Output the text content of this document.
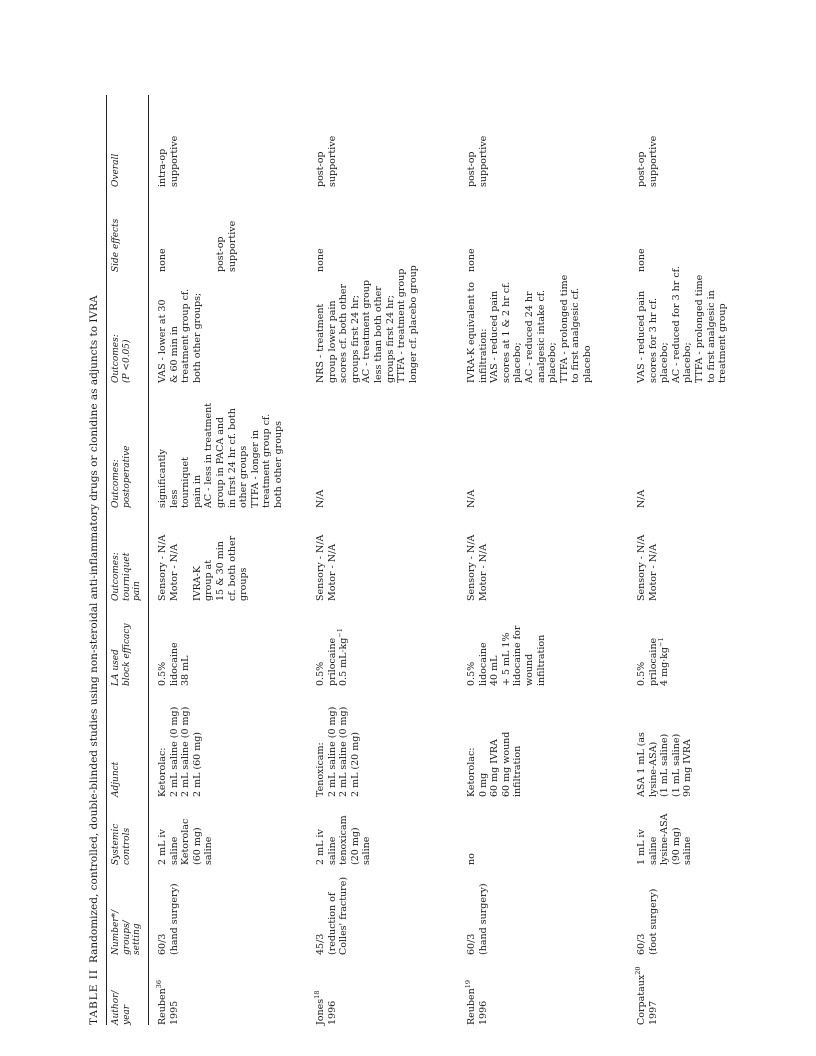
TABLE IIRandomized, controlled, double-blinded studies using non-steroidal anti-inflammatory drugs or clonidine as adjuncts to IVRA
Author/ year
Number*/ groups/ setting
Systemic controls
Adjunct
LA used block efficacy
Outcomes: tourniquet pain
Outcomes: postoperative
Outcomes: (P <0.05)
Side effects
Overall
Reuben$^{36}$
1995
60/3 (hand surgery)
2 mL iv saline Ketorolac (60 mg) saline
Ketorolac: 2 mL saline (0 mg) 2 mL saline (0 mg) 2 mL (60 mg)
0.5% lidocaine 38 mL
Sensory - N/A Motor - N/A
IVRA-K group at 15 & 30 min cf. both other groups
significantly less tourniquet pain in AC - less in treatment group in PACA and in first 24 hr cf. both other groups TTFA - longer in treatment group cf. both other groups
VAS - lower at 30 & 60 min in treatment group cf. both other groups;
none

	post-op supportive
intra-op supportive
Jones$^{18}$
1996
45/3 (reduction of Colles' fracture)
2 mL iv saline tenoxicam (20 mg) saline
Tenoxicam: 2 mL saline (0 mg) 2 mL saline (0 mg) 2 mL (20 mg)
0.5% prilocaine 0.5 $mL\cdot kg^{-1}$
Sensory - N/A Motor - N/A
N/A
NRS - treatment group lower pain scores cf. both other groups first 24 hr; AC - treatment group less than both other groups first 24 hr; TTFA - treatment group longer cf. placebo group
none
post-op supportive
Reuben$^{19}$
1996
60/3 (hand surgery)
no
Ketorolac: 0 mg 60 mg IVRA 60 mg wound infiltration
0.5% lidocaine 40 mL + 5 mL 1% lidocaine for wound infiltration
Sensory - N/A Motor - N/A
N/A
IVRA-K equivalent to infiltration: VAS - reduced pain scores at 1 & 2 hr cf. placebo; AC - reduced 24 hr analgesic intake cf. placebo; TTFA - prolonged time to first analgesic cf. placebo
none
post-op supportive
Corpataux$^{20}$
1997
60/3 (foot surgery)
1 mL iv saline lysine-ASA (90 mg) saline
ASA 1 mL (as lysine-ASA) (1 mL saline) (1 mL saline) 90 mg IVRA
0.5% prilocaine 4 $mg\cdot kg^{-1}$
Sensory - N/A Motor - N/A
N/A
VAS - reduced pain scores for 3 hr cf. placebo; AC - reduced for 3 hr cf. placebo; TTFA - prolonged time to first analgesic in treatment group
none
post-op supportive
